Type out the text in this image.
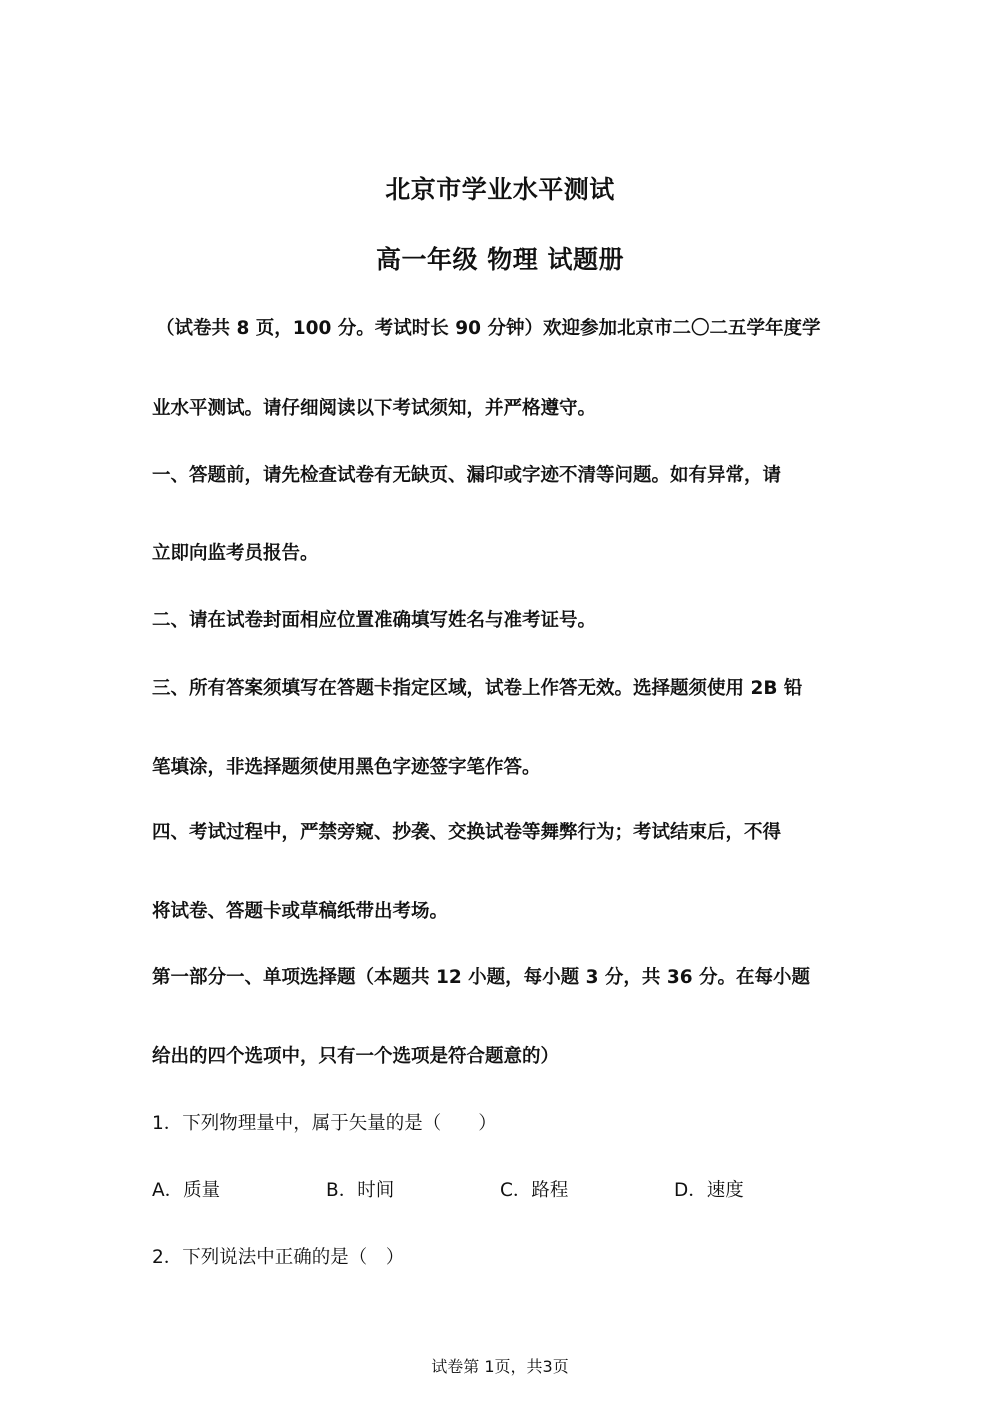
北京市学业水平测试
高一年级 物理 试题册
（试卷共 8 页，100 分。考试时长 90 分钟）欢迎参加北京市二〇二五学年度学
业水平测试。请仔细阅读以下考试须知，并严格遵守。
一、答题前，请先检查试卷有无缺页、漏印或字迹不清等问题。如有异常，请
立即向监考员报告。
二、请在试卷封面相应位置准确填写姓名与准考证号。
三、所有答案须填写在答题卡指定区域，试卷上作答无效。选择题须使用 2B 铅
笔填涂，非选择题须使用黑色字迹签字笔作答。
四、考试过程中，严禁旁窥、抄袭、交换试卷等舞弊行为；考试结束后，不得
将试卷、答题卡或草稿纸带出考场。
第一部分一、单项选择题（本题共 12 小题，每小题 3 分，共 36 分。在每小题
给出的四个选项中，只有一个选项是符合题意的）
1．下列物理量中，属于矢量的是（　　）
A．质量	B．时间	C．路程	D．速度
2．下列说法中正确的是（　）
试卷第 1页，共3页
